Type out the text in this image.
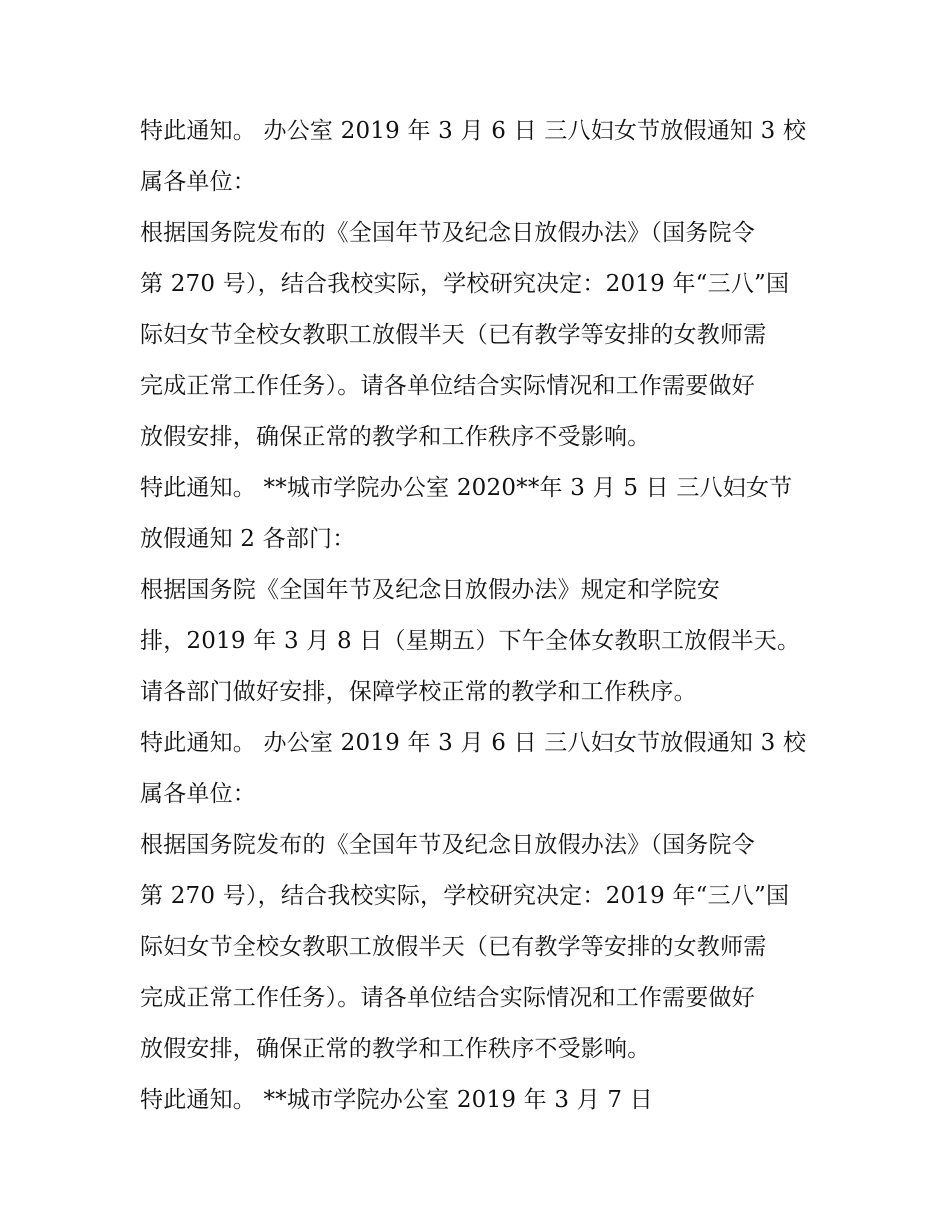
特此通知。 办公室 2019 年 3 月 6 日 三八妇女节放假通知 3 校
属各单位：
根据国务院发布的《全国年节及纪念日放假办法》（国务院令
第 270 号），结合我校实际，学校研究决定：2019 年“三八”国
际妇女节全校女教职工放假半天（已有教学等安排的女教师需
完成正常工作任务）。请各单位结合实际情况和工作需要做好
放假安排，确保正常的教学和工作秩序不受影响。
特此通知。 **城市学院办公室 2020**年 3 月 5 日 三八妇女节
放假通知 2 各部门：
根据国务院《全国年节及纪念日放假办法》规定和学院安
排，2019 年 3 月 8 日（星期五）下午全体女教职工放假半天。
请各部门做好安排，保障学校正常的教学和工作秩序。
特此通知。 办公室 2019 年 3 月 6 日 三八妇女节放假通知 3 校
属各单位：
根据国务院发布的《全国年节及纪念日放假办法》（国务院令
第 270 号），结合我校实际，学校研究决定：2019 年“三八”国
际妇女节全校女教职工放假半天（已有教学等安排的女教师需
完成正常工作任务）。请各单位结合实际情况和工作需要做好
放假安排，确保正常的教学和工作秩序不受影响。
特此通知。 **城市学院办公室 2019 年 3 月 7 日
